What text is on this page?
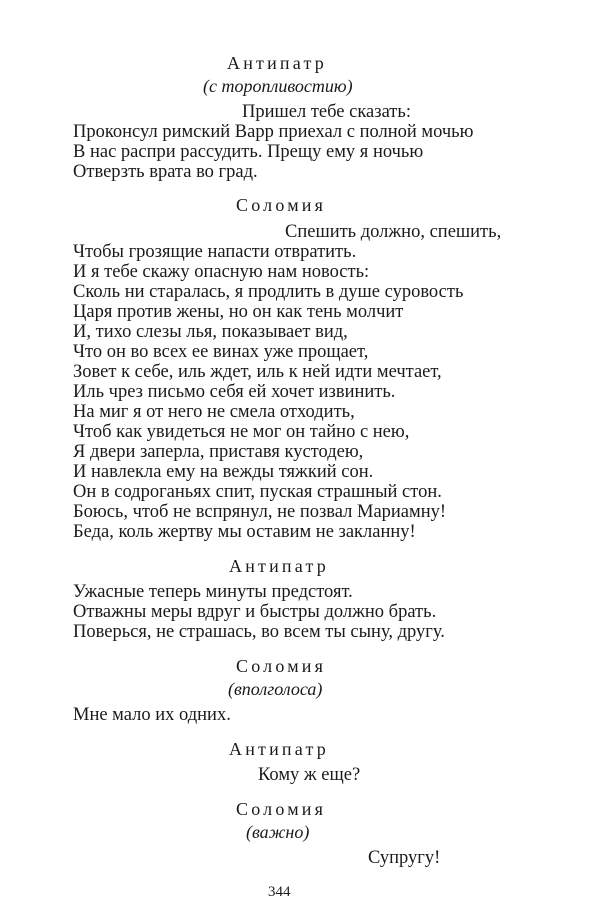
Антипатр
(с торопливостию)
Пришел тебе сказать:
Проконсул римский Варр приехал с полной мочью
В нас распри рассудить. Прещу ему я ночью
Отверзть врата во град.
Соломия
Спешить должно, спешить,
Чтобы грозящие напасти отвратить.
И я тебе скажу опасную нам новость:
Сколь ни старалась, я продлить в душе суровость
Царя против жены, но он как тень молчит
И, тихо слезы лья, показывает вид,
Что он во всех ее винах уже прощает,
Зовет к себе, иль ждет, иль к ней идти мечтает,
Иль чрез письмо себя ей хочет извинить.
На миг я от него не смела отходить,
Чтоб как увидеться не мог он тайно с нею,
Я двери заперла, приставя кустодею,
И навлекла ему на вежды тяжкий сон.
Он в содроганьях спит, пуская страшный стон.
Боюсь, чтоб не вспрянул, не позвал Мариамну!
Беда, коль жертву мы оставим не закланну!
Антипатр
Ужасные теперь минуты предстоят.
Отважны меры вдруг и быстры должно брать.
Поверься, не страшась, во всем ты сыну, другу.
Соломия
(вполголоса)
Мне мало их одних.
Антипатр
Кому ж еще?
Соломия
(важно)
Супругу!
344
